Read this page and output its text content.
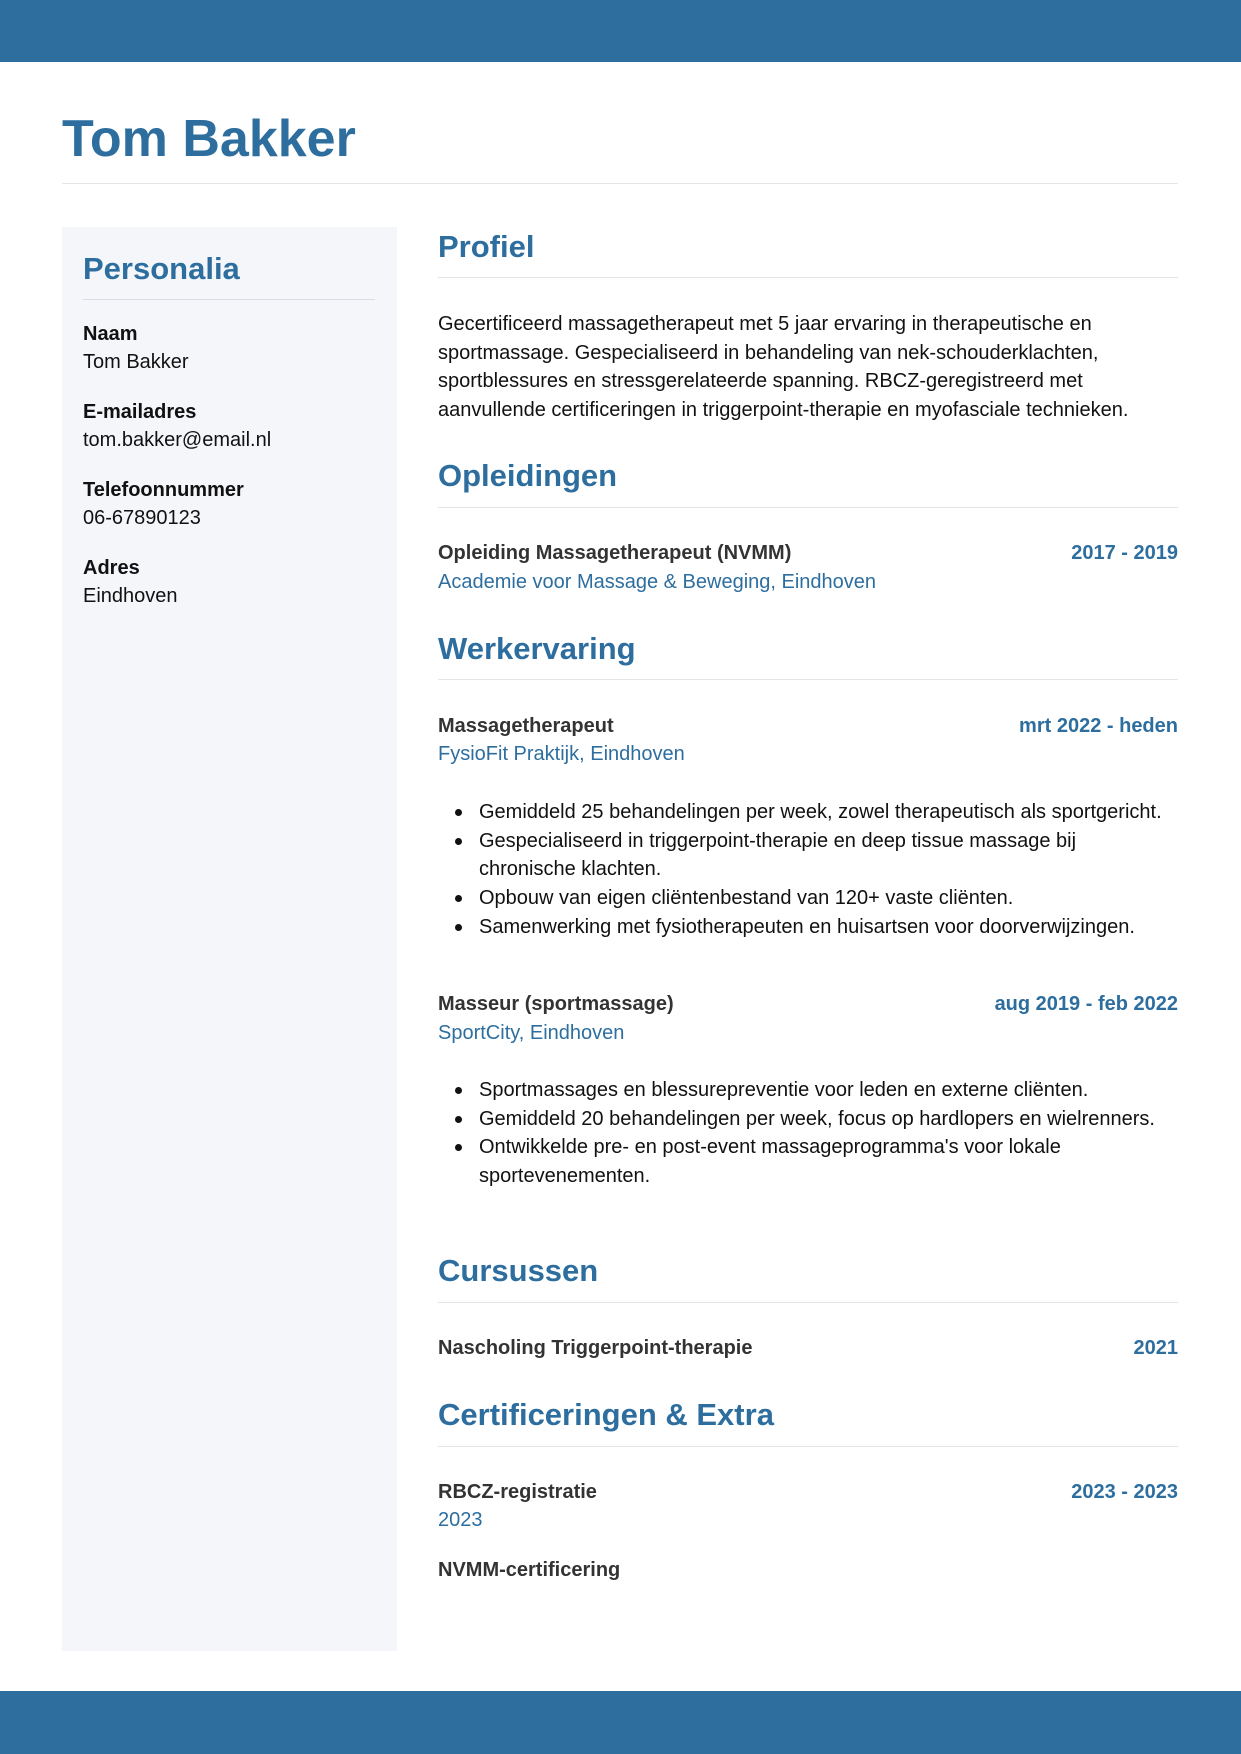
Tom Bakker
Personalia
Naam
Tom Bakker
E-mailadres
tom.bakker@email.nl
Telefoonnummer
06-67890123
Adres
Eindhoven
Profiel

Gecertificeerd massagetherapeut met 5 jaar ervaring in therapeutische en sportmassage. Gespecialiseerd in behandeling van nek-schouderklachten, sportblessures en stressgerelateerde spanning. RBCZ-geregistreerd met aanvullende certificeringen in triggerpoint-therapie en myofasciale technieken.

Opleidingen
Opleiding Massagetherapeut (NVMM)	2017 - 2019
Academie voor Massage & Beweging, Eindhoven
Werkervaring
Massagetherapeut	mrt 2022 - heden
FysioFit Praktijk, Eindhoven
Gemiddeld 25 behandelingen per week, zowel therapeutisch als sportgericht.
Gespecialiseerd in triggerpoint-therapie en deep tissue massage bij chronische klachten.
Opbouw van eigen cliëntenbestand van 120+ vaste cliënten.
Samenwerking met fysiotherapeuten en huisartsen voor doorverwijzingen.
Masseur (sportmassage)	aug 2019 - feb 2022
SportCity, Eindhoven
Sportmassages en blessurepreventie voor leden en externe cliënten.
Gemiddeld 20 behandelingen per week, focus op hardlopers en wielrenners.
Ontwikkelde pre- en post-event massageprogramma's voor lokale sportevenementen.
Cursussen
Nascholing Triggerpoint-therapie	2021
Certificeringen & Extra
RBCZ-registratie	2023 - 2023
2023
NVMM-certificering
